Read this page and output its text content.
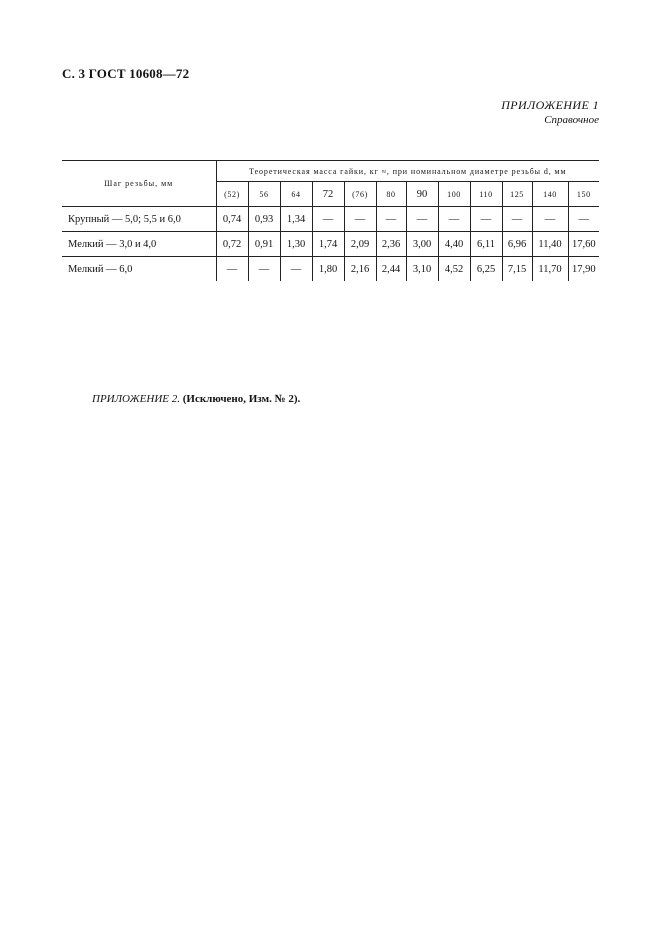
С. 3 ГОСТ 10608—72
ПРИЛОЖЕНИЕ 1
Справочное
Шаг резьбы, мм	Теоретическая масса гайки, кг ≈, при номинальном диаметре резьбы d, мм											
	(52)	56	64	72	(76)	80	90	100	110	125	140	150
Крупный — 5,0; 5,5 и 6,0	0,74	0,93	1,34	—	—	—	—	—	—	—	—	—
Мелкий — 3,0 и 4,0	0,72	0,91	1,30	1,74	2,09	2,36	3,00	4,40	6,11	6,96	11,40	17,60
Мелкий — 6,0	—	—	—	1,80	2,16	2,44	3,10	4,52	6,25	7,15	11,70	17,90
ПРИЛОЖЕНИЕ 2. (Исключено, Изм. № 2).
